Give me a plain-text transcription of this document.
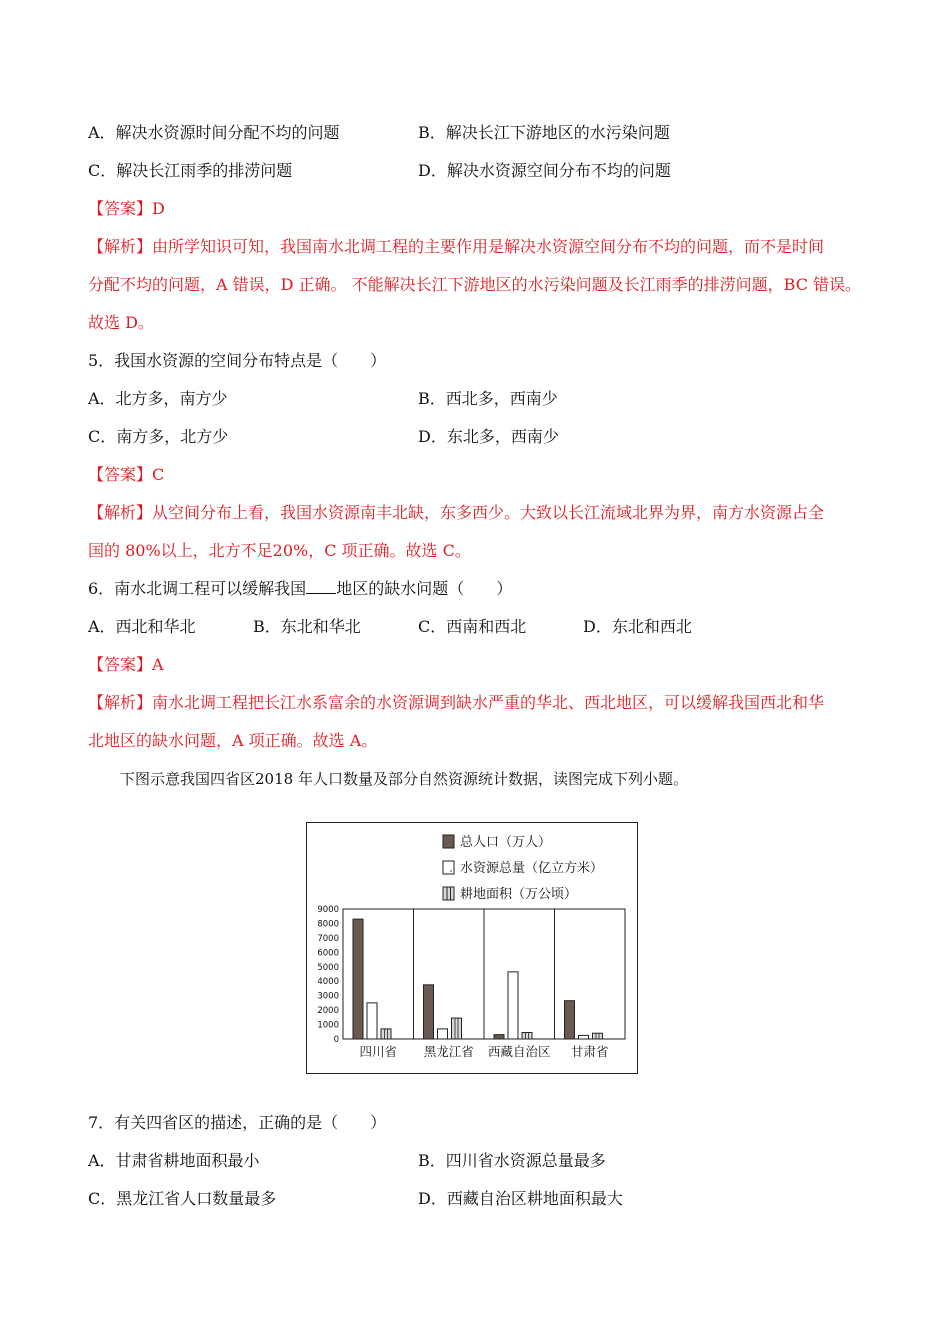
A．解决水资源时间分配不均的问题	B．解决长江下游地区的水污染问题
C．解决长江雨季的排涝问题	D．解决水资源空间分布不均的问题
【答案】D
【解析】由所学知识可知，我国南水北调工程的主要作用是解决水资源空间分布不均的问题，而不是时间
分配不均的问题，A 错误，D 正确。 不能解决长江下游地区的水污染问题及长江雨季的排涝问题，BC 错误。
故选 D。
5．我国水资源的空间分布特点是（　　）
A．北方多，南方少	B．西北多，西南少
C．南方多，北方少	D．东北多，西南少
【答案】C
【解析】从空间分布上看，我国水资源南丰北缺，东多西少。大致以长江流域北界为界，南方水资源占全
国的 80%以上，北方不足20%，C 项正确。故选 C。
6．南水北调工程可以缓解我国 地区的缺水问题（　　）
A．西北和华北	B．东北和华北	C．西南和西北	D．东北和西北
【答案】A
【解析】南水北调工程把长江水系富余的水资源调到缺水严重的华北、西北地区，可以缓解我国西北和华
北地区的缺水问题，A 项正确。故选 A。
下图示意我国四省区2018 年人口数量及部分自然资源统计数据，读图完成下列小题。
总人口（万人）
水资源总量（亿立方米）
耕地面积（万公顷）
0
1000
2000
3000
4000
5000
6000
7000
8000
9000
四川省 黑龙江省 西藏自治区 甘肃省
7．有关四省区的描述，正确的是（　　）
A．甘肃省耕地面积最小	B．四川省水资源总量最多
C．黑龙江省人口数量最多	D．西藏自治区耕地面积最大
